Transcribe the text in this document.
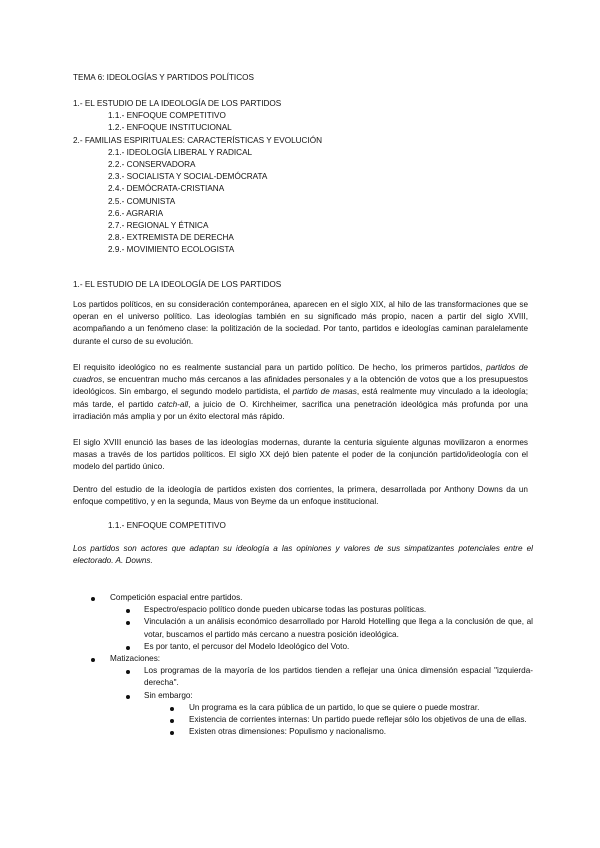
TEMA 6: IDEOLOGÍAS Y PARTIDOS POLÍTICOS
1.- EL ESTUDIO DE LA IDEOLOGÍA DE LOS PARTIDOS
1.1.- ENFOQUE COMPETITIVO
1.2.- ENFOQUE INSTITUCIONAL
2.- FAMILIAS ESPIRITUALES: CARACTERÍSTICAS Y EVOLUCIÓN
2.1.- IDEOLOGÍA LIBERAL Y RADICAL
2.2.- CONSERVADORA
2.3.- SOCIALISTA Y SOCIAL-DEMÓCRATA
2.4.- DEMÓCRATA-CRISTIANA
2.5.- COMUNISTA
2.6.- AGRARIA
2.7.- REGIONAL Y ÉTNICA
2.8.- EXTREMISTA DE DERECHA
2.9.- MOVIMIENTO ECOLOGISTA
1.- EL ESTUDIO DE LA IDEOLOGÍA DE LOS PARTIDOS
Los partidos políticos, en su consideración contemporánea, aparecen en el siglo XIX, al hilo de las transformaciones que se operan en el universo político. Las ideologías también en su significado más propio, nacen a partir del siglo XVIII, acompañando a un fenómeno clase: la politización de la sociedad. Por tanto, partidos e ideologías caminan paralelamente durante el curso de su evolución.
El requisito ideológico no es realmente sustancial para un partido político. De hecho, los primeros partidos, partidos de cuadros, se encuentran mucho más cercanos a las afinidades personales y a la obtención de votos que a los presupuestos ideológicos. Sin embargo, el segundo modelo partidista, el partido de masas, está realmente muy vinculado a la ideología; más tarde, el partido catch-all, a juicio de O. Kirchheimer, sacrifica una penetración ideológica más profunda por una irradiación más amplia y por un éxito electoral más rápido.
El siglo XVIII enunció las bases de las ideologías modernas, durante la centuria siguiente algunas movilizaron a enormes masas a través de los partidos políticos. El siglo XX dejó bien patente el poder de la conjunción partido/ideología con el modelo del partido único.
Dentro del estudio de la ideología de partidos existen dos corrientes, la primera, desarrollada por Anthony Downs da un enfoque competitivo, y en la segunda, Maus von Beyme da un enfoque institucional.
1.1.- ENFOQUE COMPETITIVO
Los partidos son actores que adaptan su ideología a las opiniones y valores de sus simpatizantes potenciales entre el electorado. A. Downs.
Competición espacial entre partidos.
Espectro/espacio político donde pueden ubicarse todas las posturas políticas.
Vinculación a un análisis económico desarrollado por Harold Hotelling que llega a la conclusión de que, al votar, buscamos el partido más cercano a nuestra posición ideológica.
Es por tanto, el percusor del Modelo Ideológico del Voto.
Matizaciones:
Los programas de la mayoría de los partidos tienden a reflejar una única dimensión espacial "izquierda-derecha".
Sin embargo:
Un programa es la cara pública de un partido, lo que se quiere o puede mostrar.
Existencia de corrientes internas: Un partido puede reflejar sólo los objetivos de una de ellas.
Existen otras dimensiones: Populismo y nacionalismo.
